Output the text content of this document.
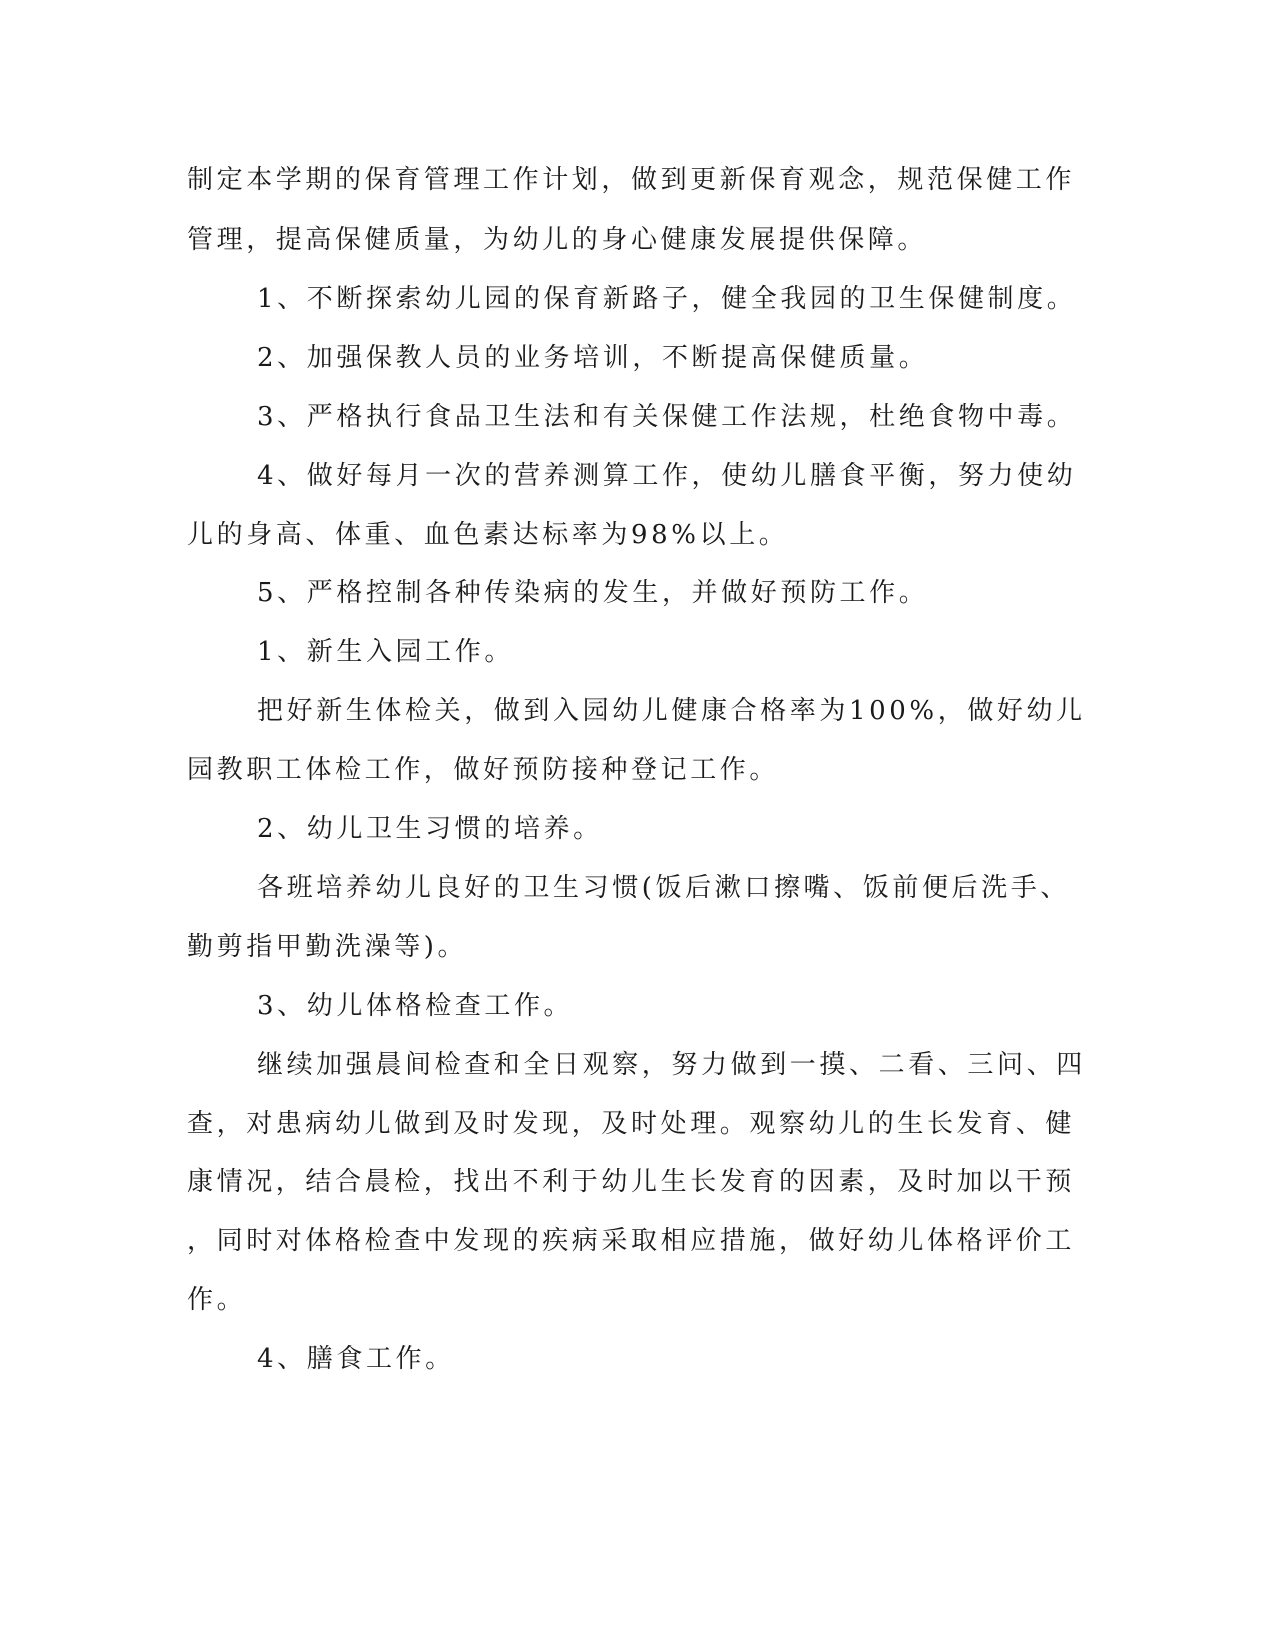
制定本学期的保育管理工作计划，做到更新保育观念，规范保健工作
管理，提高保健质量，为幼儿的身心健康发展提供保障。
1、不断探索幼儿园的保育新路子，健全我园的卫生保健制度。
2、加强保教人员的业务培训，不断提高保健质量。
3、严格执行食品卫生法和有关保健工作法规，杜绝食物中毒。
4、做好每月一次的营养测算工作，使幼儿膳食平衡，努力使幼
儿的身高、体重、血色素达标率为98%以上。
5、严格控制各种传染病的发生，并做好预防工作。
1、新生入园工作。
把好新生体检关，做到入园幼儿健康合格率为100%，做好幼儿
园教职工体检工作，做好预防接种登记工作。
2、幼儿卫生习惯的培养。
各班培养幼儿良好的卫生习惯(饭后漱口擦嘴、饭前便后洗手、
勤剪指甲勤洗澡等)。
3、幼儿体格检查工作。
继续加强晨间检查和全日观察，努力做到一摸、二看、三问、四
查，对患病幼儿做到及时发现，及时处理。观察幼儿的生长发育、健
康情况，结合晨检，找出不利于幼儿生长发育的因素，及时加以干预
，同时对体格检查中发现的疾病采取相应措施，做好幼儿体格评价工
作。
4、膳食工作。
